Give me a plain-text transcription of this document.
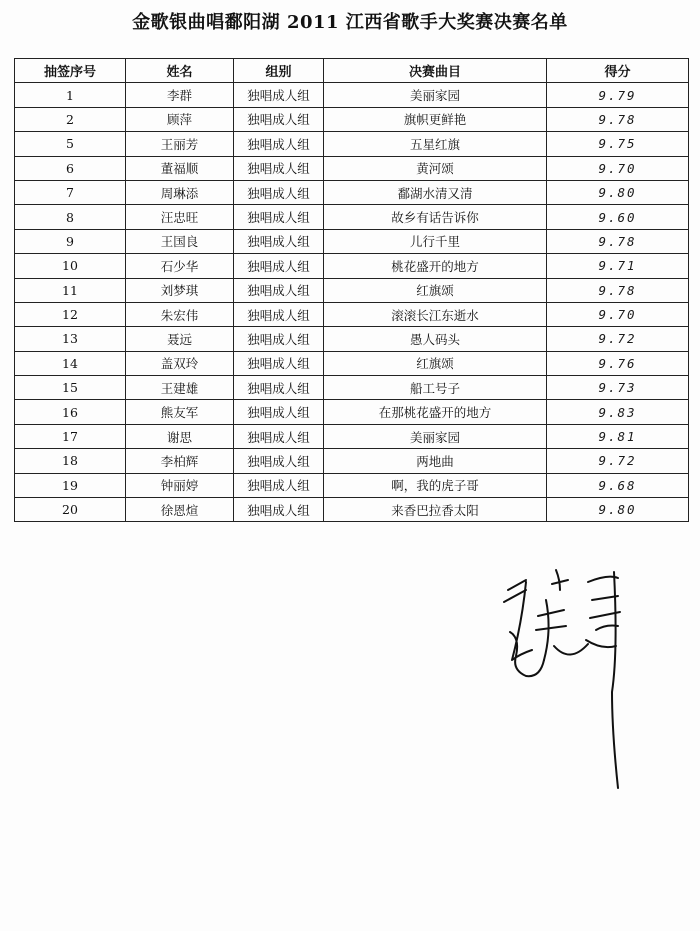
金歌银曲唱鄱阳湖 2011 江西省歌手大奖赛决赛名单
抽签序号	姓名	组别	决赛曲目	得分
1	李群	独唱成人组	美丽家园	9.79
2	顾萍	独唱成人组	旗帜更鲜艳	9.78
5	王丽芳	独唱成人组	五星红旗	9.75
6	董福顺	独唱成人组	黄河颂	9.70
7	周琳添	独唱成人组	鄱湖水清又清	9.80
8	汪忠旺	独唱成人组	故乡有话告诉你	9.60
9	王国良	独唱成人组	儿行千里	9.78
10	石少华	独唱成人组	桃花盛开的地方	9.71
11	刘梦琪	独唱成人组	红旗颂	9.78
12	朱宏伟	独唱成人组	滚滚长江东逝水	9.70
13	聂远	独唱成人组	愚人码头	9.72
14	盖双玲	独唱成人组	红旗颂	9.76
15	王建雄	独唱成人组	船工号子	9.73
16	熊友军	独唱成人组	在那桃花盛开的地方	9.83
17	谢思	独唱成人组	美丽家园	9.81
18	李柏辉	独唱成人组	两地曲	9.72
19	钟丽婷	独唱成人组	啊，我的虎子哥	9.68
20	徐恩煊	独唱成人组	来香巴拉香太阳	9.80
